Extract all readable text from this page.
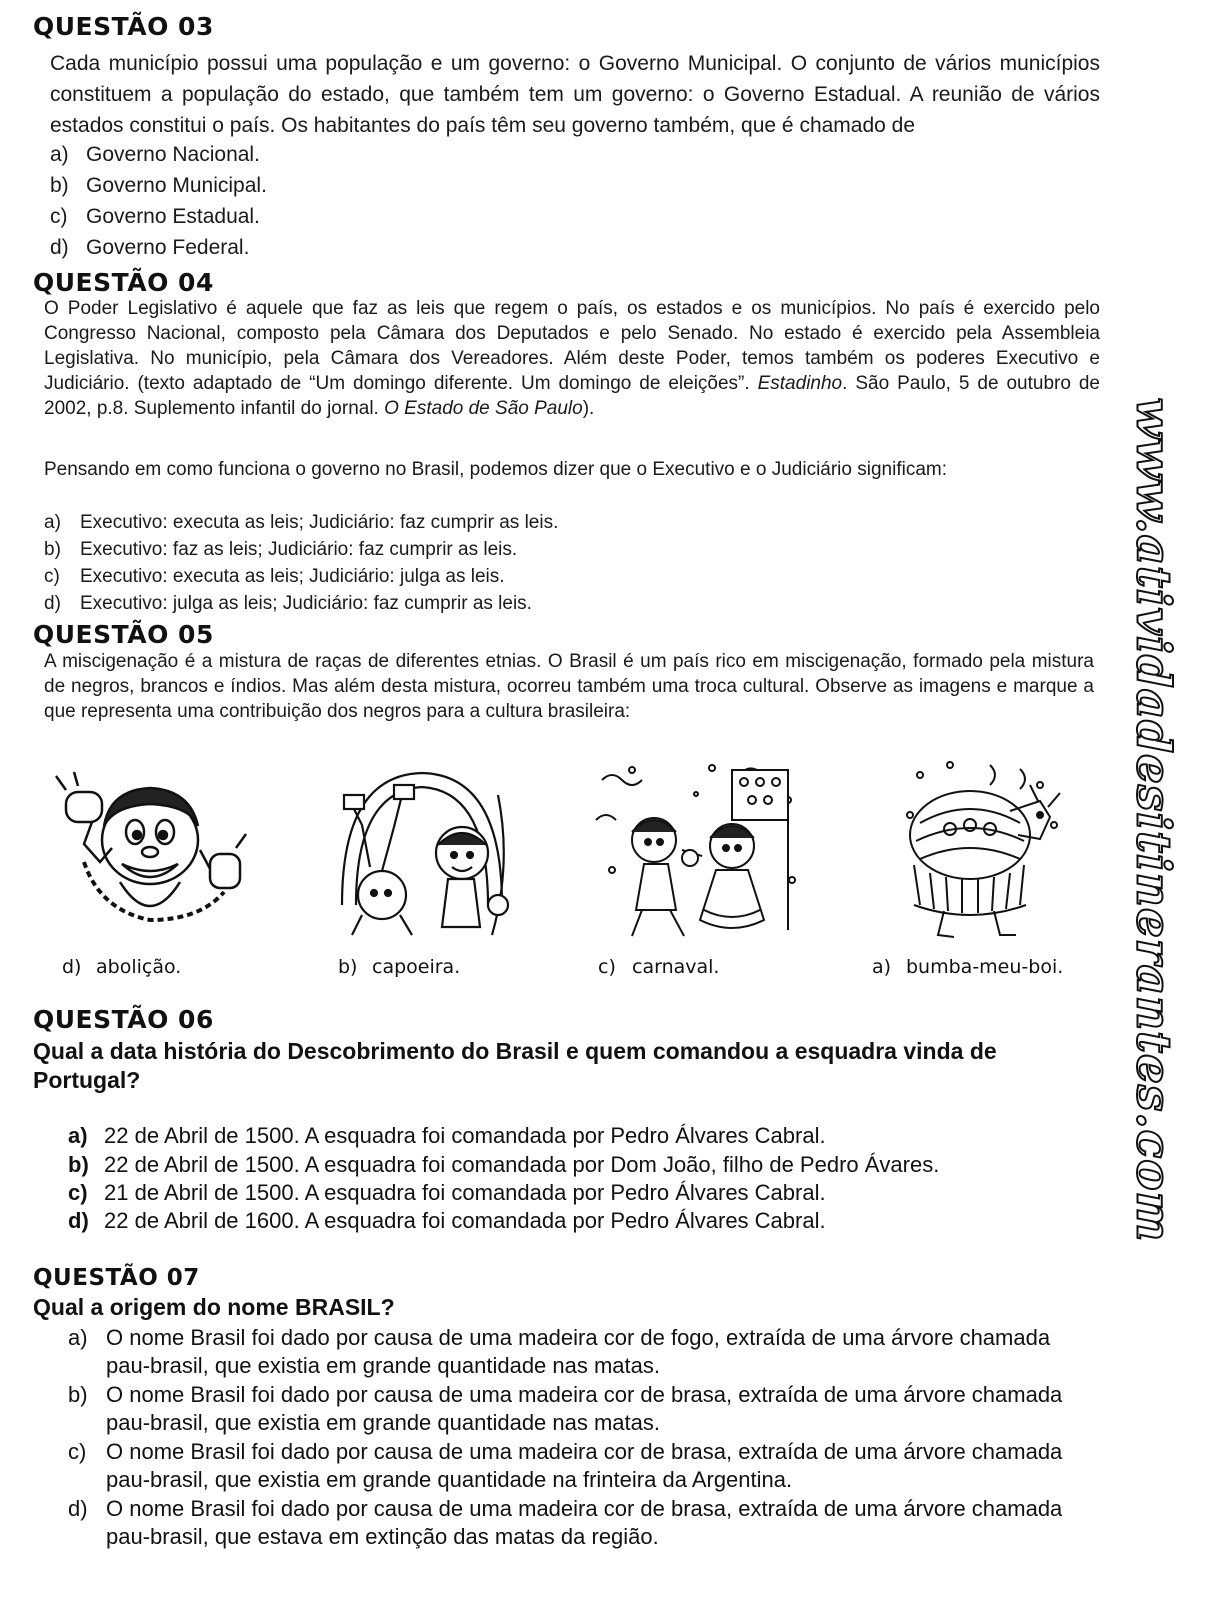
QUESTÃO 03
Cada município possui uma população e um governo: o Governo Municipal. O conjunto de vários municípios constituem a população do estado, que também tem um governo: o Governo Estadual. A reunião de vários estados constitui o país. Os habitantes do país têm seu governo também, que é chamado de
a) Governo Nacional.
b) Governo Municipal.
c) Governo Estadual.
d) Governo Federal.
QUESTÃO 04
O Poder Legislativo é aquele que faz as leis que regem o país, os estados e os municípios. No país é exercido pelo Congresso Nacional, composto pela Câmara dos Deputados e pelo Senado. No estado é exercido pela Assembleia Legislativa. No município, pela Câmara dos Vereadores. Além deste Poder, temos também os poderes Executivo e Judiciário. (texto adaptado de “Um domingo diferente. Um domingo de eleições”. Estadinho. São Paulo, 5 de outubro de 2002, p.8. Suplemento infantil do jornal. O Estado de São Paulo).
Pensando em como funciona o governo no Brasil, podemos dizer que o Executivo e o Judiciário significam:
a) Executivo: executa as leis; Judiciário: faz cumprir as leis.
b) Executivo: faz as leis; Judiciário: faz cumprir as leis.
c) Executivo: executa as leis; Judiciário: julga as leis.
d) Executivo: julga as leis; Judiciário: faz cumprir as leis.
QUESTÃO 05
A miscigenação é a mistura de raças de diferentes etnias. O Brasil é um país rico em miscigenação, formado pela mistura de negros, brancos e índios. Mas além desta mistura, ocorreu também uma troca cultural. Observe as imagens e marque a que representa uma contribuição dos negros para a cultura brasileira:
d) abolição.	b) capoeira.	c) carnaval.	a) bumba-meu-boi.
QUESTÃO 06
Qual a data história do Descobrimento do Brasil e quem comandou a esquadra vinda de Portugal?
a) 22 de Abril de 1500. A esquadra foi comandada por Pedro Álvares Cabral.
b) 22 de Abril de 1500. A esquadra foi comandada por Dom João, filho de Pedro Ávares.
c) 21 de Abril de 1500. A esquadra foi comandada por Pedro Álvares Cabral.
d) 22 de Abril de 1600. A esquadra foi comandada por Pedro Álvares Cabral.
QUESTÃO 07
Qual a origem do nome BRASIL?
a) O nome Brasil foi dado por causa de uma madeira cor de fogo, extraída de uma árvore chamada pau-brasil, que existia em grande quantidade nas matas.
b) O nome Brasil foi dado por causa de uma madeira cor de brasa, extraída de uma árvore chamada pau-brasil, que existia em grande quantidade nas matas.
c) O nome Brasil foi dado por causa de uma madeira cor de brasa, extraída de uma árvore chamada pau-brasil, que existia em grande quantidade na frinteira da Argentina.
d) O nome Brasil foi dado por causa de uma madeira cor de brasa, extraída de uma árvore chamada pau-brasil, que estava em extinção das matas da região.
www.atividadesitinerantes.com
